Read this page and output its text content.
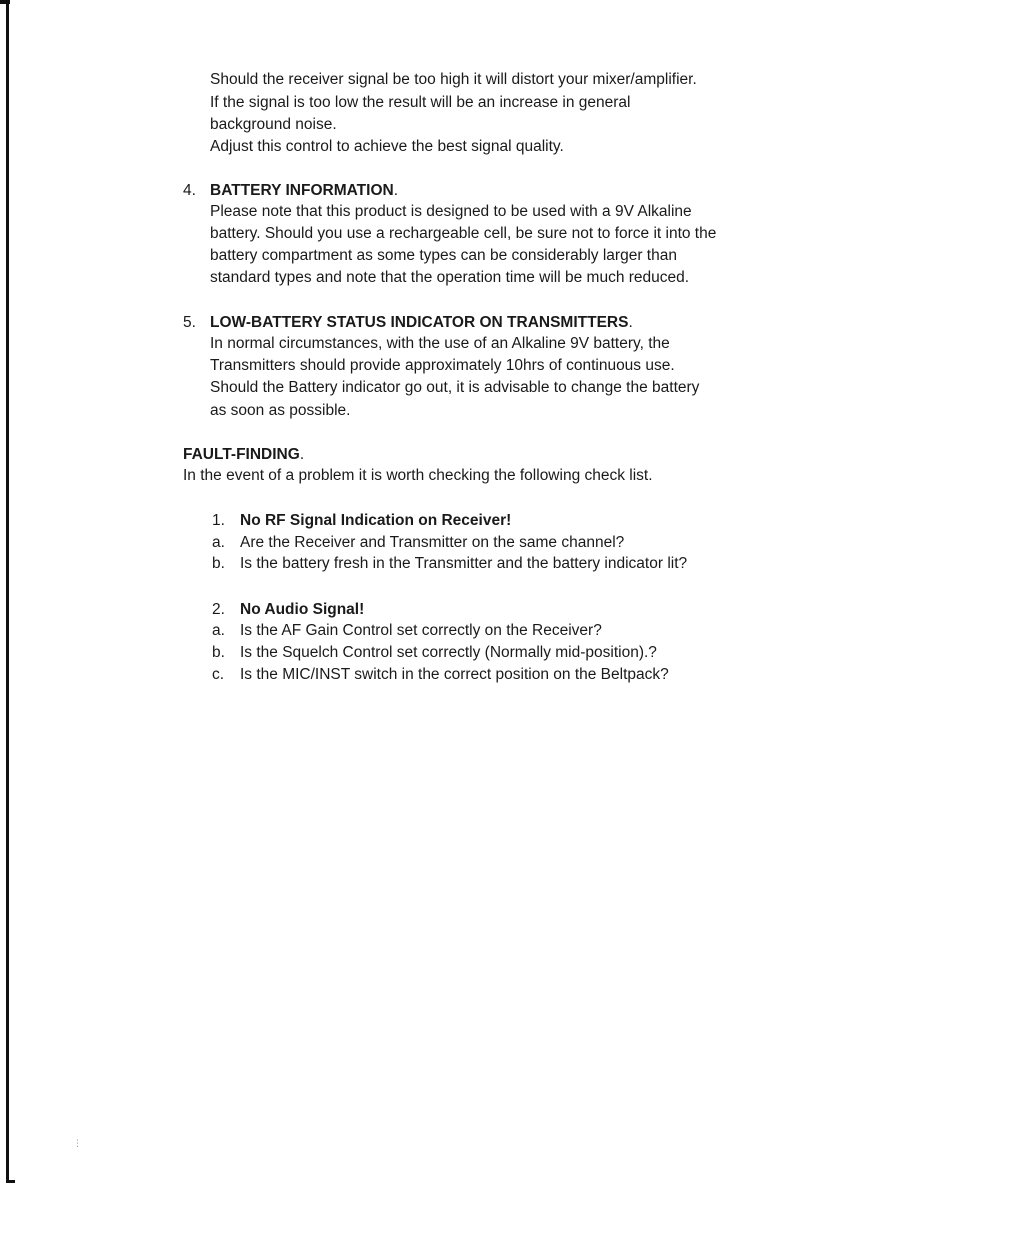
⋮
Should the receiver signal be too high it will distort your mixer/amplifier.
If the signal is too low the result will be an increase in general
background noise.
Adjust this control to achieve the best signal quality.
4. BATTERY INFORMATION.
Please note that this product is designed to be used with a 9V Alkaline
battery. Should you use a rechargeable cell, be sure not to force it into the
battery compartment as some types can be considerably larger than
standard types and note that the operation time will be much reduced.
5. LOW-BATTERY STATUS INDICATOR ON TRANSMITTERS.
In normal circumstances, with the use of an Alkaline 9V battery, the
Transmitters should provide approximately 10hrs of continuous use.
Should the Battery indicator go out, it is advisable to change the battery
as soon as possible.
FAULT-FINDING.
In the event of a problem it is worth checking the following check list.
1. No RF Signal Indication on Receiver!
a. Are the Receiver and Transmitter on the same channel?
b. Is the battery fresh in the Transmitter and the battery indicator lit?
2. No Audio Signal!
a. Is the AF Gain Control set correctly on the Receiver?
b. Is the Squelch Control set correctly (Normally mid-position).?
c. Is the MIC/INST switch in the correct position on the Beltpack?
